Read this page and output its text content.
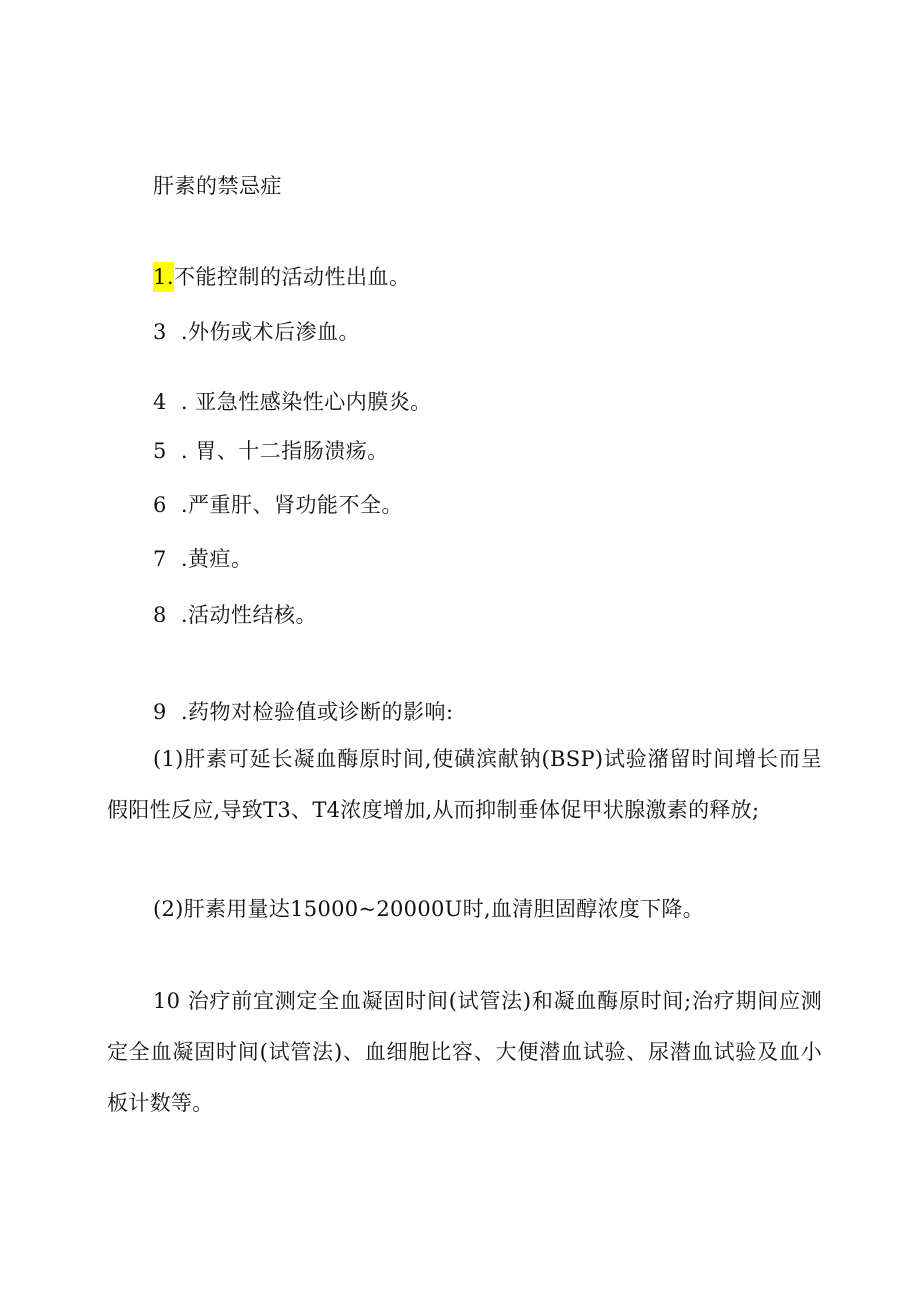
肝素的禁忌症
1.不能控制的活动性出血。
3 .外伤或术后渗血。
4 . 亚急性感染性心内膜炎。
5 . 胃、十二指肠溃疡。
6 .严重肝、肾功能不全。
7 .黄疸。
8 .活动性结核。
9 .药物对检验值或诊断的影响:
(1)肝素可延长凝血酶原时间,使磺滨献钠(BSP)试验潴留时间增长而呈假阳性反应,导致T3、T4浓度增加,从而抑制垂体促甲状腺激素的释放;
(2)肝素用量达15000~20000U时,血清胆固醇浓度下降。
10 治疗前宜测定全血凝固时间(试管法)和凝血酶原时间;治疗期间应测定全血凝固时间(试管法)、血细胞比容、大便潜血试验、尿潜血试验及血小板计数等。
